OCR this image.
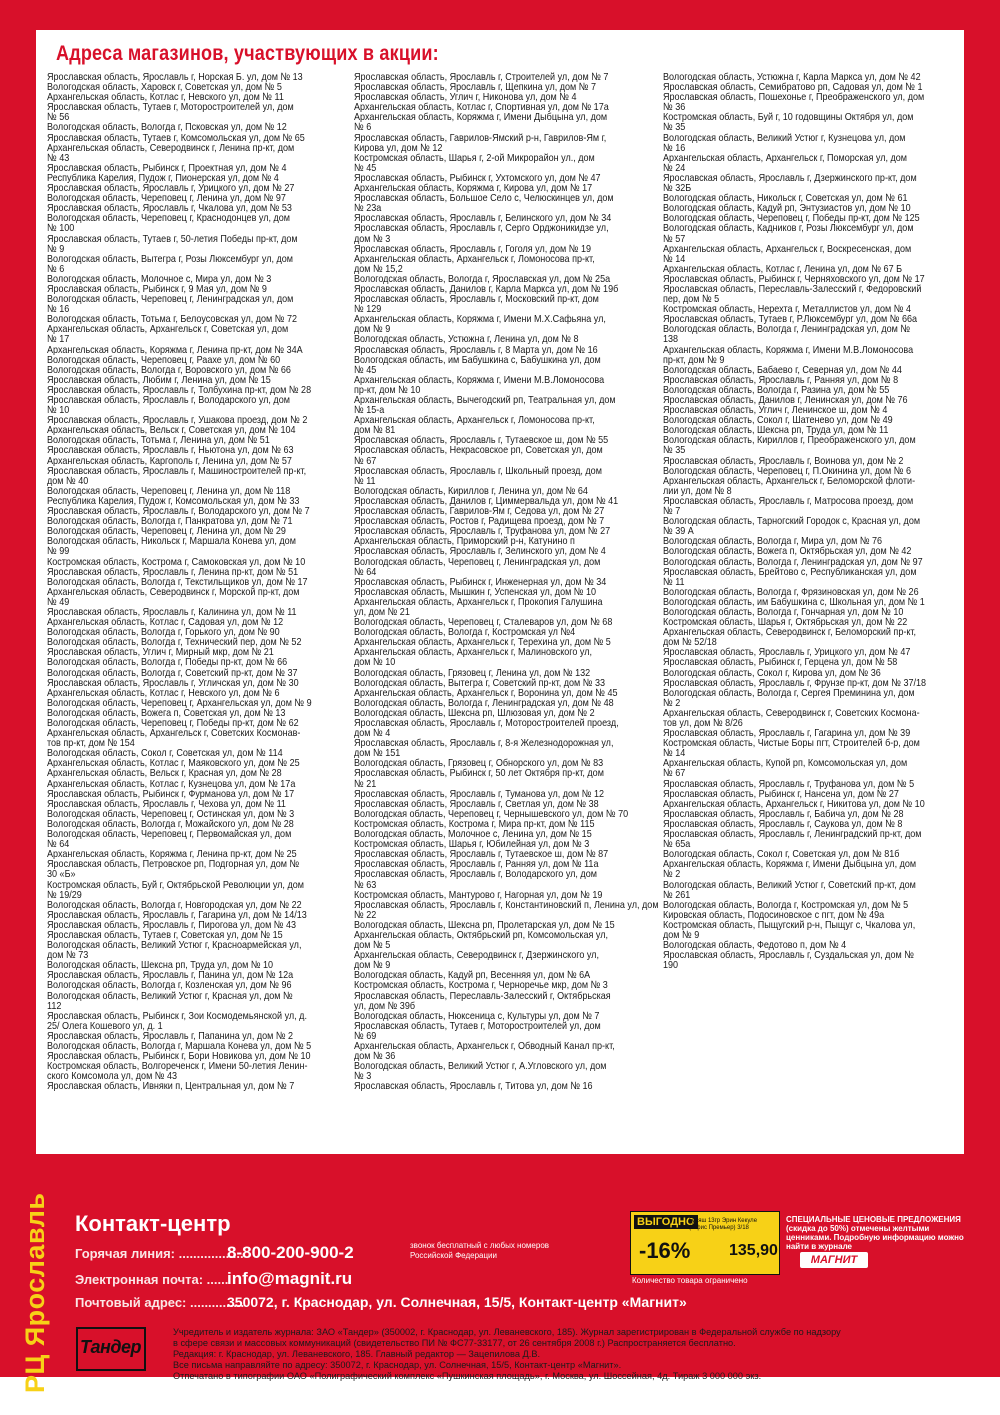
Адреса магазинов, участвующих в акции:
Ярославская область, Ярославль г, Норская Б. ул, дом № 13
Вологодская область, Харовск г, Советская ул, дом № 5
Архангельская область, Котлас г, Невского ул, дом № 11
Ярославская область, Тутаев г, Моторостроителей ул, дом
№ 56
Вологодская область, Вологда г, Псковская ул, дом № 12
Ярославская область, Тутаев г, Комсомольская ул, дом № 65
Архангельская область, Северодвинск г, Ленина пр-кт, дом
№ 43
Ярославская область, Рыбинск г, Проектная ул, дом № 4
Республика Карелия, Пудож г, Пионерская ул, дом № 4
Ярославская область, Ярославль г, Урицкого ул, дом № 27
Вологодская область, Череповец г, Ленина ул, дом № 97
Ярославская область, Ярославль г, Чкалова ул, дом № 53
Вологодская область, Череповец г, Краснодонцев ул, дом
№ 100
Ярославская область, Тутаев г, 50-летия Победы пр-кт, дом
№ 9
Вологодская область, Вытегра г, Розы Люксембург ул, дом
№ 6
Вологодская область, Молочное с, Мира ул, дом № 3
Ярославская область, Рыбинск г, 9 Мая ул, дом № 9
Вологодская область, Череповец г, Ленинградская ул, дом
№ 16
Вологодская область, Тотьма г, Белоусовская ул, дом № 72
Архангельская область, Архангельск г, Советская ул, дом
№ 17
Архангельская область, Коряжма г, Ленина пр-кт, дом № 34А
Вологодская область, Череповец г, Раахе ул, дом № 60
Вологодская область, Вологда г, Воровского ул, дом № 66
Ярославская область, Любим г, Ленина ул, дом № 15
Ярославская область, Ярославль г, Толбухина пр-кт, дом № 28
Ярославская область, Ярославль г, Володарского ул, дом
№ 10
Ярославская область, Ярославль г, Ушакова проезд, дом № 2
Архангельская область, Вельск г, Советская ул, дом № 104
Вологодская область, Тотьма г, Ленина ул, дом № 51
Ярославская область, Ярославль г, Ньютона ул, дом № 63
Архангельская область, Каргополь г, Ленина ул, дом № 57
Ярославская область, Ярославль г, Машиностроителей пр-кт,
дом № 40
Вологодская область, Череповец г, Ленина ул, дом № 118
Республика Карелия, Пудож г, Комсомольская ул, дом № 33
Ярославская область, Ярославль г, Володарского ул, дом № 7
Вологодская область, Вологда г, Панкратова ул, дом № 71
Вологодская область, Череповец г, Ленина ул, дом № 29
Вологодская область, Никольск г, Маршала Конева ул, дом
№ 99
Костромская область, Кострома г, Самоковская ул, дом № 10
Ярославская область, Ярославль г, Ленина пр-кт, дом № 51
Вологодская область, Вологда г, Текстильщиков ул, дом № 17
Архангельская область, Северодвинск г, Морской пр-кт, дом
№ 49
Ярославская область, Ярославль г, Калинина ул, дом № 11
Архангельская область, Котлас г, Садовая ул, дом № 12
Вологодская область, Вологда г, Горького ул, дом № 90
Вологодская область, Вологда г, Технический пер, дом № 52
Ярославская область, Углич г, Мирный мкр, дом № 21
Вологодская область, Вологда г, Победы пр-кт, дом № 66
Вологодская область, Вологда г, Советский пр-кт, дом № 37
Ярославская область, Ярославль г, Угличская ул, дом № 30
Архангельская область, Котлас г, Невского ул, дом № 6
Вологодская область, Череповец г, Архангельская ул, дом № 9
Вологодская область, Вожега п, Советская ул, дом № 13
Вологодская область, Череповец г, Победы пр-кт, дом № 62
Архангельская область, Архангельск г, Советских Космонав-
тов пр-кт, дом № 154
Вологодская область, Сокол г, Советская ул, дом № 114
Архангельская область, Котлас г, Маяковского ул, дом № 25
Архангельская область, Вельск г, Красная ул, дом № 28
Архангельская область, Котлас г, Кузнецова ул, дом № 17а
Ярославская область, Рыбинск г, Фурманова ул, дом № 17
Ярославская область, Ярославль г, Чехова ул, дом № 11
Вологодская область, Череповец г, Остинская ул, дом № 3
Вологодская область, Вологда г, Можайского ул, дом № 28
Вологодская область, Череповец г, Первомайская ул, дом
№ 64
Архангельская область, Коряжма г, Ленина пр-кт, дом № 25
Ярославская область, Петровское рп, Подгорная ул, дом №
30 «Б»
Костромская область, Буй г, Октябрьской Революции ул, дом
№ 19/29
Вологодская область, Вологда г, Новгородская ул, дом № 22
Ярославская область, Ярославль г, Гагарина ул, дом № 14/13
Ярославская область, Ярославль г, Пирогова ул, дом № 43
Ярославская область, Тутаев г, Советская ул, дом № 15
Вологодская область, Великий Устюг г, Красноармейская ул,
дом № 73
Вологодская область, Шексна рп, Труда ул, дом № 10
Ярославская область, Ярославль г, Панина ул, дом № 12а
Вологодская область, Вологда г, Козленская ул, дом № 96
Вологодская область, Великий Устюг г, Красная ул, дом №
112
Ярославская область, Рыбинск г, Зои Космодемьянской ул, д.
25/ Олега Кошевого ул, д. 1
Ярославская область, Ярославль г, Папанина ул, дом № 2
Вологодская область, Вологда г, Маршала Конева ул, дом № 5
Ярославская область, Рыбинск г, Бори Новикова ул, дом № 10
Костромская область, Волгореченск г, Имени 50-летия Ленин-
ского Комсомола ул, дом № 43
Ярославская область, Ивняки п, Центральная ул, дом № 7
Ярославская область, Ярославль г, Строителей ул, дом № 7
Ярославская область, Ярославль г, Щепкина ул, дом № 7
Ярославская область, Углич г, Никонова ул, дом № 4
Архангельская область, Котлас г, Спортивная ул, дом № 17а
Архангельская область, Коряжма г, Имени Дыбцына ул, дом
№ 6
Ярославская область, Гаврилов-Ямский р-н, Гаврилов-Ям г,
Кирова ул, дом № 12
Костромская область, Шарья г, 2-ой Микрорайон ул., дом
№ 45
Ярославская область, Рыбинск г, Ухтомского ул, дом № 47
Архангельская область, Коряжма г, Кирова ул, дом № 17
Ярославская область, Большое Село с, Челюскинцев ул, дом
№ 23а
Ярославская область, Ярославль г, Белинского ул, дом № 34
Ярославская область, Ярославль г, Серго Орджоникидзе ул,
дом № 3
Ярославская область, Ярославль г, Гоголя ул, дом № 19
Архангельская область, Архангельск г, Ломоносова пр-кт,
дом № 15,2
Вологодская область, Вологда г, Ярославская ул, дом № 25а
Ярославская область, Данилов г, Карла Маркса ул, дом № 19б
Ярославская область, Ярославль г, Московский пр-кт, дом
№ 129
Архангельская область, Коряжма г, Имени М.Х.Сафьяна ул,
дом № 9
Вологодская область, Устюжна г, Ленина ул, дом № 8
Ярославская область, Ярославль г, 8 Марта ул, дом № 16
Вологодская область, им Бабушкина с, Бабушкина ул, дом
№ 45
Архангельская область, Коряжма г, Имени М.В.Ломоносова
пр-кт, дом № 10
Архангельская область, Вычегодский рп, Театральная ул, дом
№ 15-а
Архангельская область, Архангельск г, Ломоносова пр-кт,
дом № 81
Ярославская область, Ярославль г, Тутаевское ш, дом № 55
Ярославская область, Некрасовское рп, Советская ул, дом
№ 67
Ярославская область, Ярославль г, Школьный проезд, дом
№ 11
Вологодская область, Кириллов г, Ленина ул, дом № 64
Ярославская область, Данилов г, Циммервальда ул, дом № 41
Ярославская область, Гаврилов-Ям г, Седова ул, дом № 27
Ярославская область, Ростов г, Радищева проезд, дом № 7
Ярославская область, Ярославль г, Труфанова ул, дом № 27
Архангельская область, Приморский р-н, Катунино п
Ярославская область, Ярославль г, Зелинского ул, дом № 4
Вологодская область, Череповец г, Ленинградская ул, дом
№ 64
Ярославская область, Рыбинск г, Инженерная ул, дом № 34
Ярославская область, Мышкин г, Успенская ул, дом № 10
Архангельская область, Архангельск г, Прокопия Галушина
ул, дом № 21
Вологодская область, Череповец г, Сталеваров ул, дом № 68
Вологодская область, Вологда г, Костромская ул №4
Архангельская область, Архангельск г, Терехина ул, дом № 5
Архангельская область, Архангельск г, Малиновского ул,
дом № 10
Вологодская область, Грязовец г, Ленина ул, дом № 132
Вологодская область, Вытегра г, Советский пр-кт, дом № 33
Архангельская область, Архангельск г, Воронина ул, дом № 45
Вологодская область, Вологда г, Ленинградская ул, дом № 48
Вологодская область, Шексна рп, Шлюзовая ул, дом № 2
Ярославская область, Ярославль г, Моторостроителей проезд,
дом № 4
Ярославская область, Ярославль г, 8-я Железнодорожная ул,
дом № 151
Вологодская область, Грязовец г, Обнорского ул, дом № 83
Ярославская область, Рыбинск г, 50 лет Октября пр-кт, дом
№ 21
Ярославская область, Ярославль г, Туманова ул, дом № 12
Ярославская область, Ярославль г, Светлая ул, дом № 38
Вологодская область, Череповец г, Чернышевского ул, дом № 70
Костромская область, Кострома г, Мира пр-кт, дом № 115
Вологодская область, Молочное с, Ленина ул, дом № 15
Костромская область, Шарья г, Юбилейная ул, дом № 3
Ярославская область, Ярославль г, Тутаевское ш, дом № 87
Ярославская область, Ярославль г, Ранняя ул, дом № 11а
Ярославская область, Ярославль г, Володарского ул, дом
№ 63
Костромская область, Мантурово г, Нагорная ул, дом № 19
Ярославская область, Ярославль г, Константиновский п, Ленина ул, дом
№ 22
Вологодская область, Шексна рп, Пролетарская ул, дом № 15
Архангельская область, Октябрьский рп, Комсомольская ул,
дом № 5
Архангельская область, Северодвинск г, Дзержинского ул,
дом № 9
Вологодская область, Кадуй рп, Весенняя ул, дом № 6А
Костромская область, Кострома г, Черноречье мкр, дом № 3
Ярославская область, Переславль-Залесский г, Октябрьская
ул, дом № 39б
Вологодская область, Нюксеница с, Культуры ул, дом № 7
Ярославская область, Тутаев г, Моторостроителей ул, дом
№ 69
Архангельская область, Архангельск г, Обводный Канал пр-кт,
дом № 36
Вологодская область, Великий Устюг г, А.Угловского ул, дом
№ 3
Ярославская область, Ярославль г, Титова ул, дом № 16
Вологодская область, Устюжна г, Карла Маркса ул, дом № 42
Ярославская область, Семибратово рп, Садовая ул, дом № 1
Ярославская область, Пошехонье г, Преображенского ул, дом
№ 36
Костромская область, Буй г, 10 годовщины Октября ул, дом
№ 35
Вологодская область, Великий Устюг г, Кузнецова ул, дом
№ 16
Архангельская область, Архангельск г, Поморская ул, дом
№ 24
Ярославская область, Ярославль г, Дзержинского пр-кт, дом
№ 32Б
Вологодская область, Никольск г, Советская ул, дом № 61
Вологодская область, Кадуй рп, Энтузиастов ул, дом № 10
Вологодская область, Череповец г, Победы пр-кт, дом № 125
Вологодская область, Кадников г, Розы Люксембург ул, дом
№ 57
Архангельская область, Архангельск г, Воскресенская, дом
№ 14
Архангельская область, Котлас г, Ленина ул, дом № 67 Б
Ярославская область, Рыбинск г, Черняховского ул, дом № 17
Ярославская область, Переславль-Залесский г, Федоровский
пер, дом № 5
Костромская область, Нерехта г, Металлистов ул, дом № 4
Ярославская область, Тутаев г, Р.Люксембург ул, дом № 66а
Вологодская область, Вологда г, Ленинградская ул, дом №
138
Архангельская область, Коряжма г, Имени М.В.Ломоносова
пр-кт, дом № 9
Вологодская область, Бабаево г, Северная ул, дом № 44
Ярославская область, Ярославль г, Ранняя ул, дом № 8
Вологодская область, Вологда г, Разина ул, дом № 55
Ярославская область, Данилов г, Ленинская ул, дом № 76
Ярославская область, Углич г, Ленинское ш, дом № 4
Вологодская область, Сокол г, Шатенево ул, дом № 49
Вологодская область, Шексна рп, Труда ул, дом № 11
Вологодская область, Кириллов г, Преображенского ул, дом
№ 35
Ярославская область, Ярославль г, Воинова ул, дом № 2
Вологодская область, Череповец г, П.Окинина ул, дом № 6
Архангельская область, Архангельск г, Беломорской флоти-
лии ул, дом № 8
Ярославская область, Ярославль г, Матросова проезд, дом
№ 7
Вологодская область, Тарногский Городок с, Красная ул, дом
№ 39 А
Вологодская область, Вологда г, Мира ул, дом № 76
Вологодская область, Вожега п, Октябрьская ул, дом № 42
Вологодская область, Вологда г, Ленинградская ул, дом № 97
Ярославская область, Брейтово с, Республиканская ул, дом
№ 11
Вологодская область, Вологда г, Фрязиновская ул, дом № 26
Вологодская область, им Бабушкина с, Школьная ул, дом № 1
Вологодская область, Вологда г, Гончарная ул, дом № 10
Костромская область, Шарья г, Октябрьская ул, дом № 22
Архангельская область, Северодвинск г, Беломорский пр-кт,
дом № 52/18
Ярославская область, Ярославль г, Урицкого ул, дом № 47
Ярославская область, Рыбинск г, Герцена ул, дом № 58
Вологодская область, Сокол г, Кирова ул, дом № 36
Ярославская область, Ярославль г, Фрунзе пр-кт, дом № 37/18
Вологодская область, Вологда г, Сергея Преминина ул, дом
№ 2
Архангельская область, Северодвинск г, Советских Космона-
тов ул, дом № 8/26
Ярославская область, Ярославль г, Гагарина ул, дом № 39
Костромская область, Чистые Боры пгт, Строителей б-р, дом
№ 14
Архангельская область, Купой рп, Комсомольская ул, дом
№ 67
Ярославская область, Ярославль г, Труфанова ул, дом № 5
Ярославская область, Рыбинск г, Нансена ул, дом № 27
Архангельская область, Архангельск г, Никитова ул, дом № 10
Ярославская область, Ярославль г, Бабича ул, дом № 28
Ярославская область, Ярославль г, Саукова ул, дом № 8
Ярославская область, Ярославль г, Ленинградский пр-кт, дом
№ 65а
Вологодская область, Сокол г, Советская ул, дом № 81б
Архангельская область, Коряжма г, Имени Дыбцына ул, дом
№ 2
Вологодская область, Великий Устюг г, Советский пр-кт, дом
№ 261
Вологодская область, Вологда г, Костромская ул, дом № 5
Кировская область, Подосиновское с пгт, дом № 49а
Костромская область, Пыщугский р-н, Пыщуг с, Чкалова ул,
дом № 9
Вологодская область, Федотово п, дом № 4
Ярославская область, Ярославль г, Суздальская ул, дом №
190
РЦ Ярославль Контакт-центр
Горячая линия: ..................8-800-200-900-2	звонок бесплатный с любых номеров Российской Федерации
Электронная почта: ......info@magnit.ru
Почтовый адрес: ...............350072, г. Краснодар, ул. Солнечная, 15/5, Контакт-центр «Магнит»
ВЫГОДНО
-16%
Гуляш 13гр Эрин Кекуле (Офис Премьер) 3/18
135,90
Количество товара ограничено
СПЕЦИАЛЬНЫЕ ЦЕНОВЫЕ ПРЕДЛОЖЕНИЯ (скидка до 50%) отмечены желтыми ценниками. Подробную информацию можно найти в журнале
МАГНИТ
Тандер
Учредитель и издатель журнала: ЗАО «Тандер» (350002, г. Краснодар, ул. Леваневского, 185). Журнал зарегистрирован в Федеральной службе по надзору
в сфере связи и массовых коммуникаций (свидетельство ПИ № ФС77-33177, от 26 сентября 2008 г.) Распространяется бесплатно.
Редакция: г. Краснодар, ул. Леваневского, 185. Главный редактор — Зацепилова Д.В.
Все письма направляйте по адресу: 350072, г. Краснодар, ул. Солнечная, 15/5, Контакт-центр «Магнит».
Отпечатано в типографии ОАО «Полиграфический комплекс «Пушкинская площадь», г. Москва, ул. Шосcейная, 4д. Тираж 3 000 000 экз.
